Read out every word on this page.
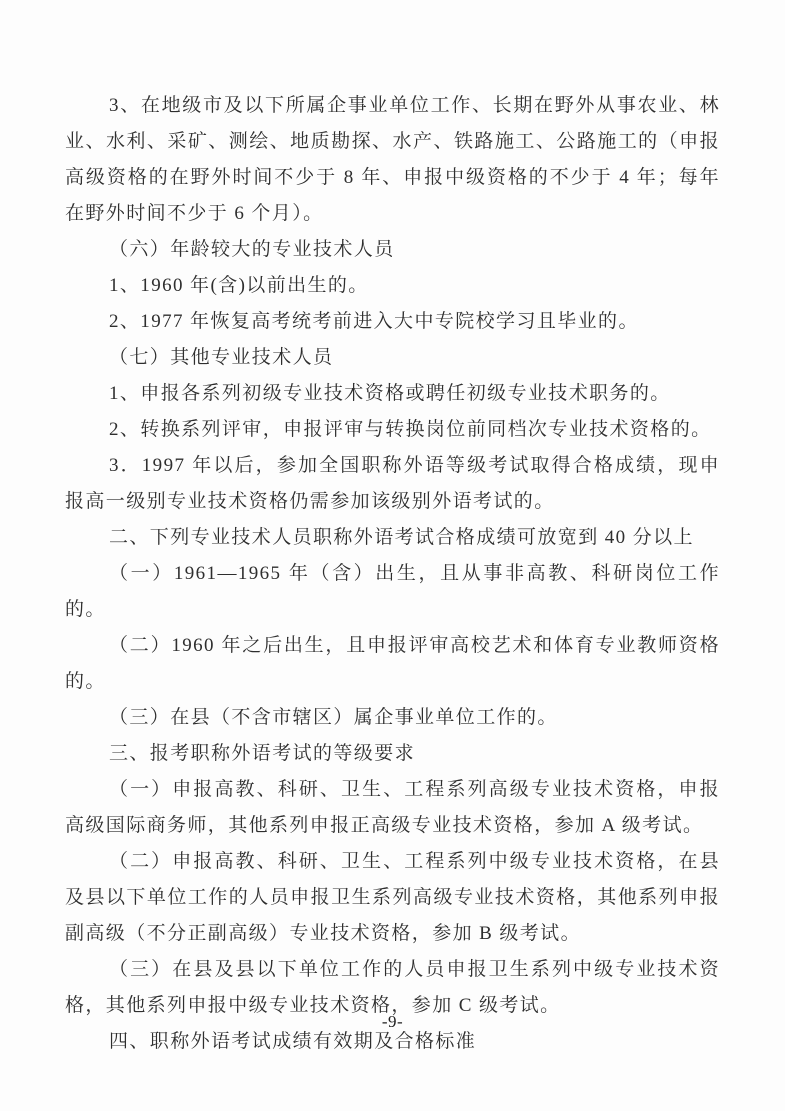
3、在地级市及以下所属企事业单位工作、长期在野外从事农业、林业、水利、采矿、测绘、地质勘探、水产、铁路施工、公路施工的（申报高级资格的在野外时间不少于 8 年、申报中级资格的不少于 4 年；每年在野外时间不少于 6 个月）。

（六）年龄较大的专业技术人员

1、1960 年(含)以前出生的。

2、1977 年恢复高考统考前进入大中专院校学习且毕业的。

（七）其他专业技术人员

1、申报各系列初级专业技术资格或聘任初级专业技术职务的。

2、转换系列评审，申报评审与转换岗位前同档次专业技术资格的。

3．1997 年以后，参加全国职称外语等级考试取得合格成绩，现申报高一级别专业技术资格仍需参加该级别外语考试的。

二、下列专业技术人员职称外语考试合格成绩可放宽到 40 分以上

（一）1961—1965 年（含）出生，且从事非高教、科研岗位工作的。

（二）1960 年之后出生，且申报评审高校艺术和体育专业教师资格的。

（三）在县（不含市辖区）属企事业单位工作的。

三、报考职称外语考试的等级要求

（一）申报高教、科研、卫生、工程系列高级专业技术资格，申报高级国际商务师，其他系列申报正高级专业技术资格，参加 A 级考试。

（二）申报高教、科研、卫生、工程系列中级专业技术资格，在县及县以下单位工作的人员申报卫生系列高级专业技术资格，其他系列申报副高级（不分正副高级）专业技术资格，参加 B 级考试。

（三）在县及县以下单位工作的人员申报卫生系列中级专业技术资格，其他系列申报中级专业技术资格，参加 C 级考试。

四、职称外语考试成绩有效期及合格标准

-9-
